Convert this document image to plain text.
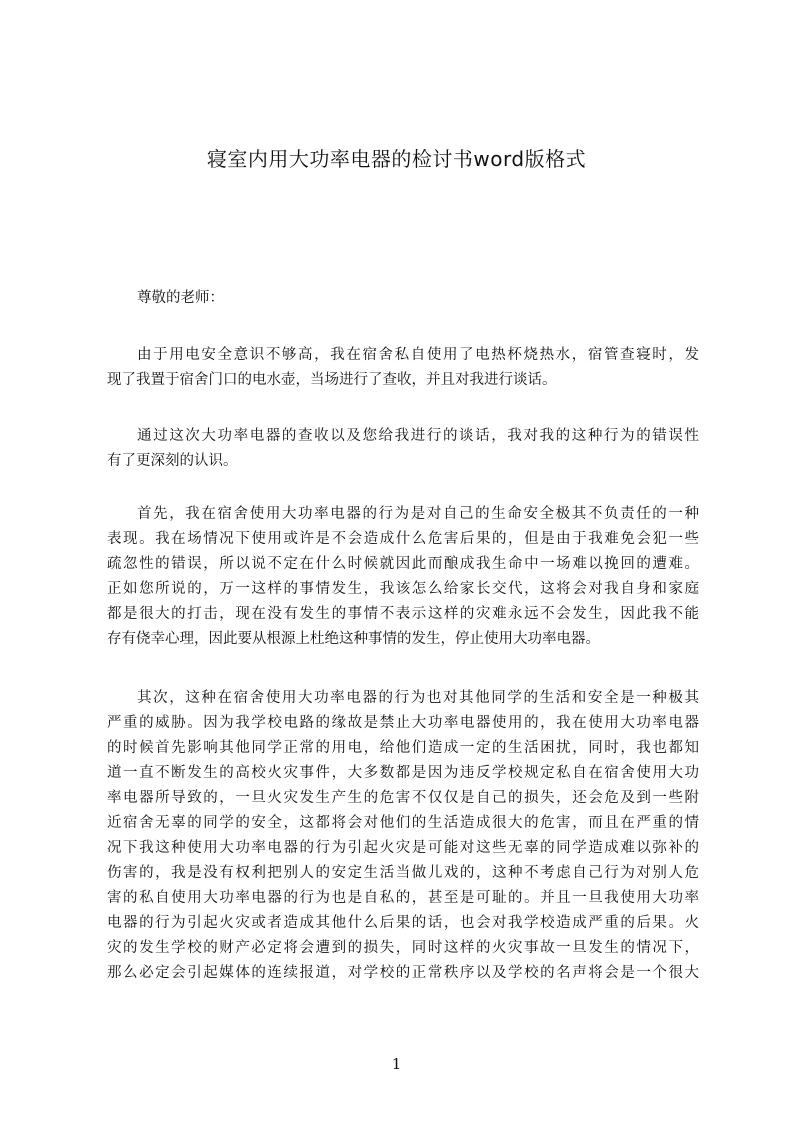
寝室内用大功率电器的检讨书word版格式
尊敬的老师：
由于用电安全意识不够高，我在宿舍私自使用了电热杯烧热水，宿管查寝时，发
现了我置于宿舍门口的电水壶，当场进行了查收，并且对我进行谈话。
通过这次大功率电器的查收以及您给我进行的谈话，我对我的这种行为的错误性
有了更深刻的认识。
首先，我在宿舍使用大功率电器的行为是对自己的生命安全极其不负责任的一种
表现。我在场情况下使用或许是不会造成什么危害后果的，但是由于我难免会犯一些
疏忽性的错误，所以说不定在什么时候就因此而酿成我生命中一场难以挽回的遭难。
正如您所说的，万一这样的事情发生，我该怎么给家长交代，这将会对我自身和家庭
都是很大的打击，现在没有发生的事情不表示这样的灾难永远不会发生，因此我不能
存有侥幸心理，因此要从根源上杜绝这种事情的发生，停止使用大功率电器。
其次，这种在宿舍使用大功率电器的行为也对其他同学的生活和安全是一种极其
严重的威胁。因为我学校电路的缘故是禁止大功率电器使用的，我在使用大功率电器
的时候首先影响其他同学正常的用电，给他们造成一定的生活困扰，同时，我也都知
道一直不断发生的高校火灾事件，大多数都是因为违反学校规定私自在宿舍使用大功
率电器所导致的，一旦火灾发生产生的危害不仅仅是自己的损失，还会危及到一些附
近宿舍无辜的同学的安全，这都将会对他们的生活造成很大的危害，而且在严重的情
况下我这种使用大功率电器的行为引起火灾是可能对这些无辜的同学造成难以弥补的
伤害的，我是没有权利把别人的安定生活当做儿戏的，这种不考虑自己行为对别人危
害的私自使用大功率电器的行为也是自私的，甚至是可耻的。并且一旦我使用大功率
电器的行为引起火灾或者造成其他什么后果的话，也会对我学校造成严重的后果。火
灾的发生学校的财产必定将会遭到的损失，同时这样的火灾事故一旦发生的情况下，
那么必定会引起媒体的连续报道，对学校的正常秩序以及学校的名声将会是一个很大
1
